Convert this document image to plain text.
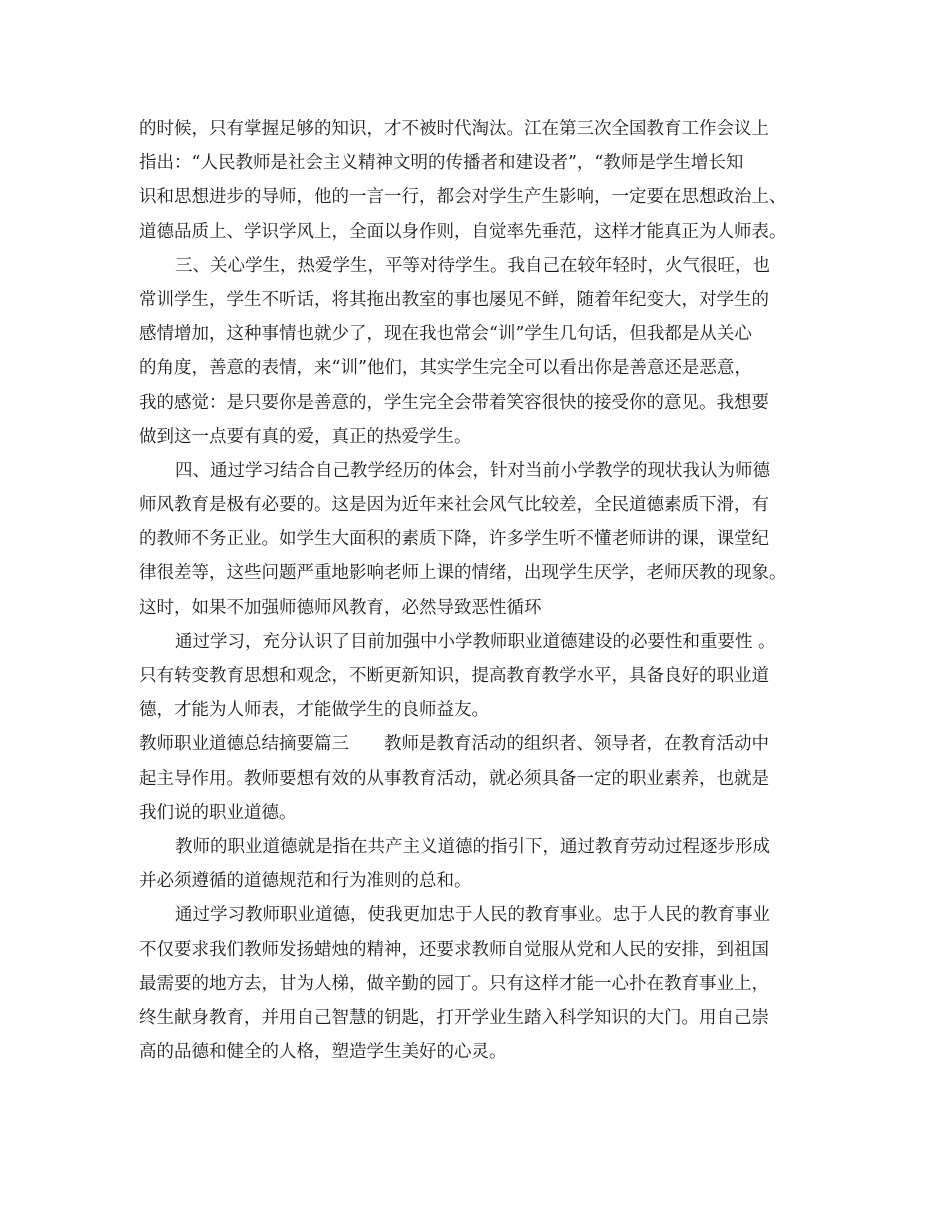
的时候，只有掌握足够的知识，才不被时代淘汰。江在第三次全国教育工作会议上
指出：“人民教师是社会主义精神文明的传播者和建设者”，“教师是学生增长知
识和思想进步的导师，他的一言一行，都会对学生产生影响，一定要在思想政治上、
道德品质上、学识学风上，全面以身作则，自觉率先垂范，这样才能真正为人师表。
三、关心学生，热爱学生，平等对待学生。我自己在较年轻时，火气很旺，也
常训学生，学生不听话，将其拖出教室的事也屡见不鲜，随着年纪变大，对学生的
感情增加，这种事情也就少了，现在我也常会“训”学生几句话，但我都是从关心
的角度，善意的表情，来“训”他们，其实学生完全可以看出你是善意还是恶意，
我的感觉：是只要你是善意的，学生完全会带着笑容很快的接受你的意见。我想要
做到这一点要有真的爱，真正的热爱学生。
四、通过学习结合自己教学经历的体会，针对当前小学教学的现状我认为师德
师风教育是极有必要的。这是因为近年来社会风气比较差，全民道德素质下滑，有
的教师不务正业。如学生大面积的素质下降，许多学生听不懂老师讲的课，课堂纪
律很差等，这些问题严重地影响老师上课的情绪，出现学生厌学，老师厌教的现象。
这时，如果不加强师德师风教育，必然导致恶性循环
通过学习，充分认识了目前加强中小学教师职业道德建设的必要性和重要性 。
只有转变教育思想和观念，不断更新知识，提高教育教学水平，具备良好的职业道
德，才能为人师表，才能做学生的良师益友。
教师职业道德总结摘要篇三　　教师是教育活动的组织者、领导者，在教育活动中
起主导作用。教师要想有效的从事教育活动，就必须具备一定的职业素养，也就是
我们说的职业道德。
教师的职业道德就是指在共产主义道德的指引下，通过教育劳动过程逐步形成
并必须遵循的道德规范和行为准则的总和。
通过学习教师职业道德，使我更加忠于人民的教育事业。忠于人民的教育事业
不仅要求我们教师发扬蜡烛的精神，还要求教师自觉服从党和人民的安排，到祖国
最需要的地方去，甘为人梯，做辛勤的园丁。只有这样才能一心扑在教育事业上，
终生献身教育，并用自己智慧的钥匙，打开学业生踏入科学知识的大门。用自己崇
高的品德和健全的人格，塑造学生美好的心灵。
